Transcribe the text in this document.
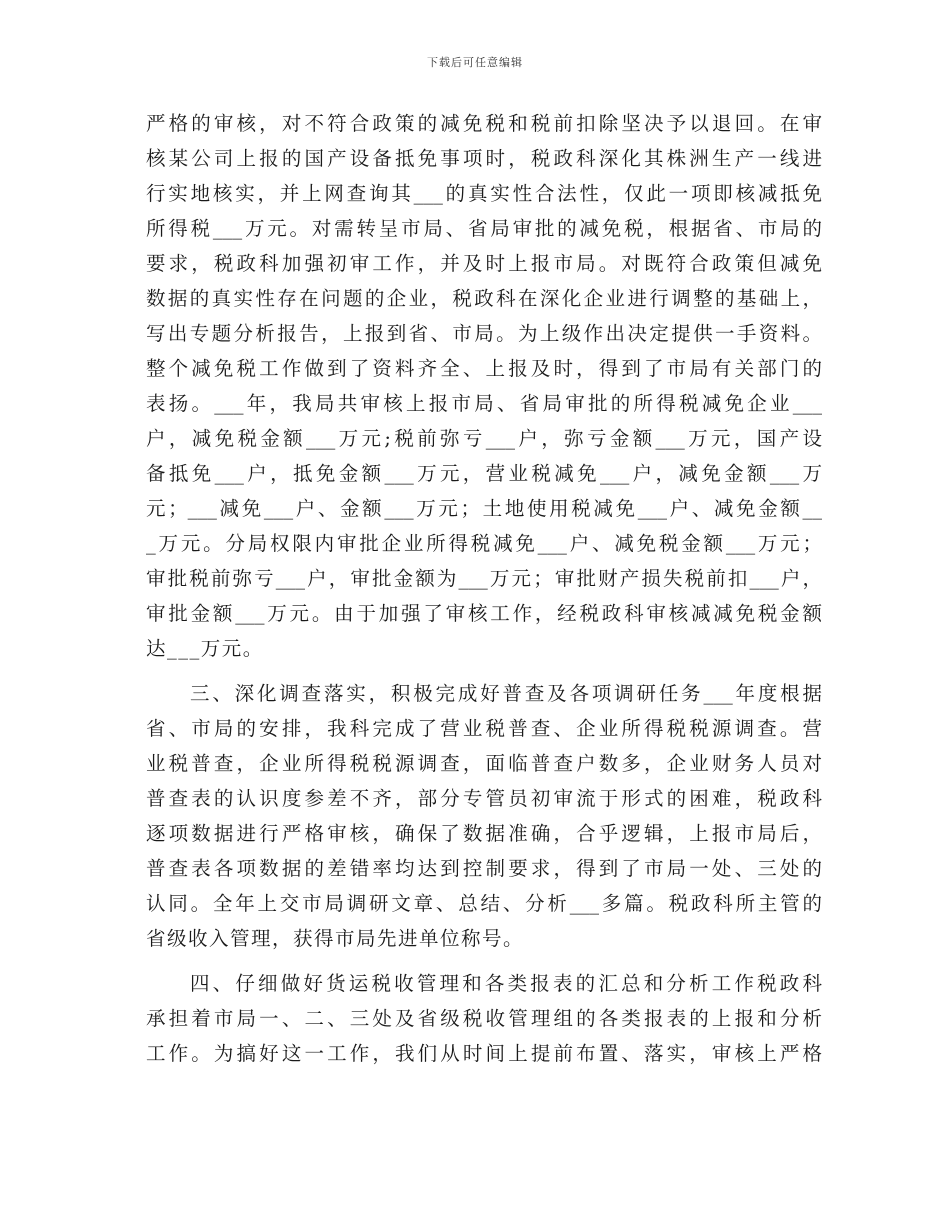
下载后可任意编辑
严格的审核，对不符合政策的减免税和税前扣除坚决予以退回。在审
核某公司上报的国产设备抵免事项时，税政科深化其株洲生产一线进
行实地核实，并上网查询其___的真实性合法性，仅此一项即核减抵免
所得税___万元。对需转呈市局、省局审批的减免税，根据省、市局的
要求，税政科加强初审工作，并及时上报市局。对既符合政策但减免
数据的真实性存在问题的企业，税政科在深化企业进行调整的基础上，
写出专题分析报告，上报到省、市局。为上级作出决定提供一手资料。
整个减免税工作做到了资料齐全、上报及时，得到了市局有关部门的
表扬。___年，我局共审核上报市局、省局审批的所得税减免企业___
户，减免税金额___万元;税前弥亏___户，弥亏金额___万元，国产设
备抵免___户，抵免金额___万元，营业税减免___户，减免金额___万
元；___减免___户、金额___万元；土地使用税减免___户、减免金额__
_万元。分局权限内审批企业所得税减免___户、减免税金额___万元；
审批税前弥亏___户，审批金额为___万元；审批财产损失税前扣___户，
审批金额___万元。由于加强了审核工作，经税政科审核减减免税金额
达___万元。
三、深化调查落实，积极完成好普查及各项调研任务___年度根据
省、市局的安排，我科完成了营业税普查、企业所得税税源调查。营
业税普查，企业所得税税源调查，面临普查户数多，企业财务人员对
普查表的认识度参差不齐，部分专管员初审流于形式的困难，税政科
逐项数据进行严格审核，确保了数据准确，合乎逻辑，上报市局后，
普查表各项数据的差错率均达到控制要求，得到了市局一处、三处的
认同。全年上交市局调研文章、总结、分析___多篇。税政科所主管的
省级收入管理，获得市局先进单位称号。
四、仔细做好货运税收管理和各类报表的汇总和分析工作税政科
承担着市局一、二、三处及省级税收管理组的各类报表的上报和分析
工作。为搞好这一工作，我们从时间上提前布置、落实，审核上严格
